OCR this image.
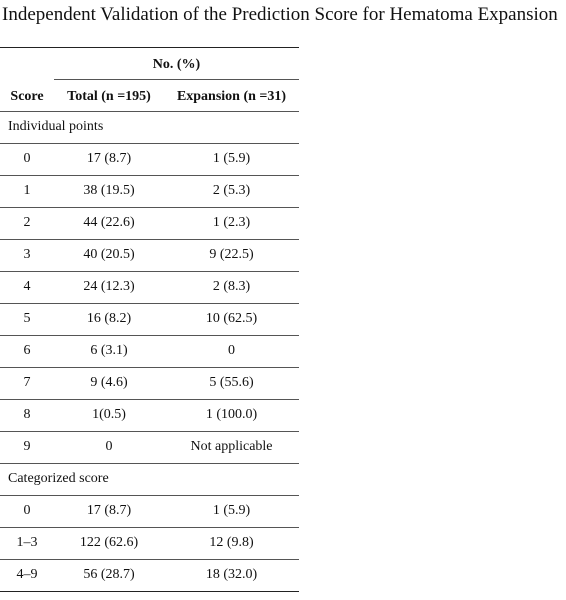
Independent Validation of the Prediction Score for Hematoma Expansion
No. (%)
Score	Total (n =195)	Expansion (n =31)
Individual points
0	17 (8.7)	1 (5.9)
1	38 (19.5)	2 (5.3)
2	44 (22.6)	1 (2.3)
3	40 (20.5)	9 (22.5)
4	24 (12.3)	2 (8.3)
5	16 (8.2)	10 (62.5)
6	6 (3.1)	0
7	9 (4.6)	5 (55.6)
8	1(0.5)	1 (100.0)
9	0	Not applicable
Categorized score
0	17 (8.7)	1 (5.9)
1–3	122 (62.6)	12 (9.8)
4–9	56 (28.7)	18 (32.0)
